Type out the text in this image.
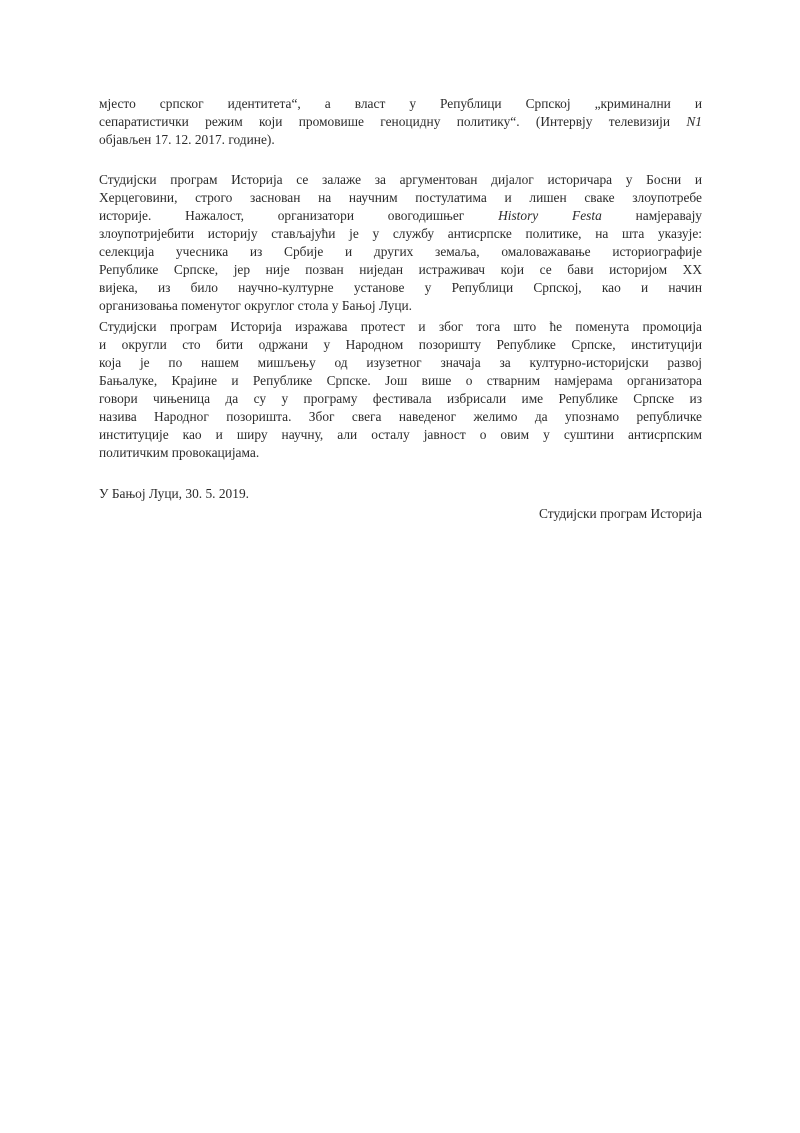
мјесто српског идентитета“, а власт у Републици Српској „криминални и
сепаратистички режим који промовише геноцидну политику“. (Интервју телевизији N1
објављен 17. 12. 2017. године).
Студијски програм Историја се залаже за аргументован дијалог историчара у Босни и
Херцеговини, строго заснован на научним постулатима и лишен сваке злоупотребе
историје. Нажалост, организатори овогодишњег History Festa намјеравају
злоупотријебити историју стављајући је у службу антисрпске политике, на шта указује:
селекција учесника из Србије и других земаља, омаловажавање историографије
Републике Српске, јер није позван ниједан истраживач који се бави историјом XX
вијека, из било научно-културне установе у Републици Српској, као и начин
организовања поменутог округлог стола у Бањој Луци.
Студијски програм Историја изражава протест и због тога што ће поменута промоција
и округли сто бити одржани у Народном позоришту Републике Српске, институцији
која је по нашем мишљењу од изузетног значаја за културно-историјски развој
Бањалуке, Крајине и Републике Српске. Још више о стварним намјерама организатора
говори чињеница да су у програму фестивала избрисали име Републике Српске из
назива Народног позоришта. Због свега наведеног желимо да упознамо републичке
институције као и ширу научну, али осталу јавност о овим у суштини антисрпским
политичким провокацијама.
У Бањој Луци, 30. 5. 2019.
Студијски програм Историја
